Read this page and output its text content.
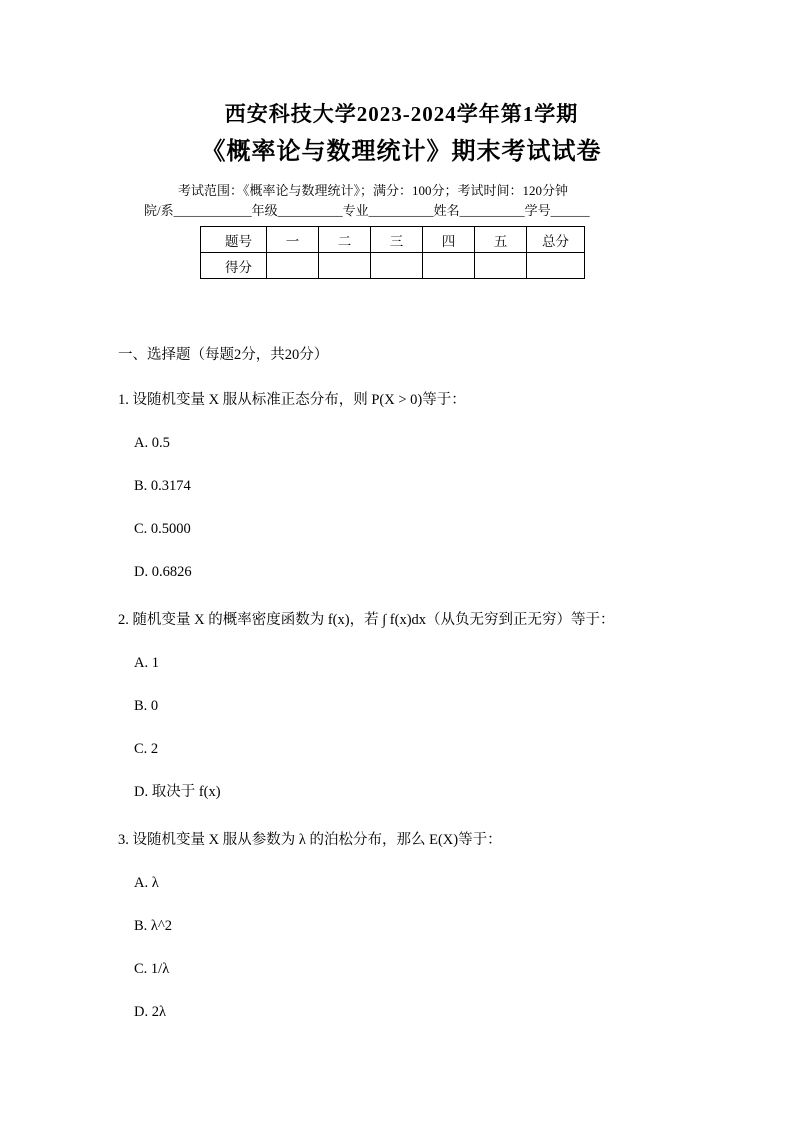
西安科技大学2023-2024学年第1学期
《概率论与数理统计》期末考试试卷
考试范围：《概率论与数理统计》；满分：100分；考试时间：120分钟
院/系____________年级__________专业__________姓名__________学号______
题号	一	二	三	四	五	总分
得分						
一、选择题（每题2分，共20分）
1. 设随机变量 X 服从标准正态分布，则 P(X > 0)等于：
A. 0.5
B. 0.3174
C. 0.5000
D. 0.6826
2. 随机变量 X 的概率密度函数为 f(x)，若 ∫ f(x)dx（从负无穷到正无穷）等于：
A. 1
B. 0
C. 2
D. 取决于 f(x)
3. 设随机变量 X 服从参数为 λ 的泊松分布，那么 E(X)等于：
A. λ
B. λ^2
C. 1/λ
D. 2λ
